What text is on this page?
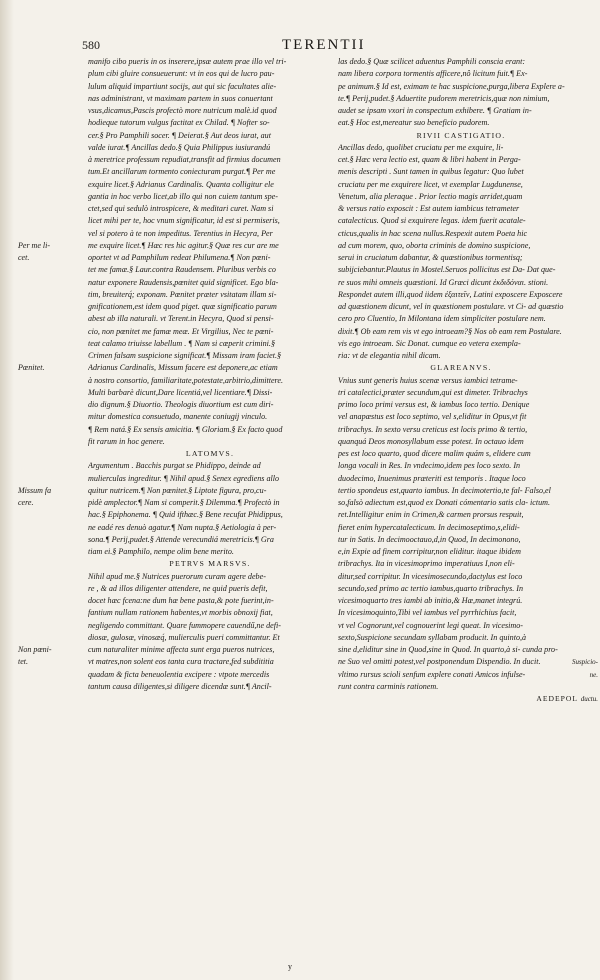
580	TERENTII
Per me li-
cet.
Pœnitet.
Missum fa
cere.
Non pœni-
tet.	Suspicio-
ne.
ductu.
manifo cibo pueris in os inserere,ipsæ autem prae illo vel tri-
plum cibi gluire consueuerunt: vt in eos qui de lucro pau-
lulum aliquid impartiunt socijs, aut qui sic facultates alie-
nas administrant, vt maximam partem in suos conuertant
vsus,dicamus,Pascis profectò more nutricum malè.id quod
hodieque tutorum vulgus factitat ex Chilad. ¶ Nofter so-
cer.§ Pro Pamphili socer. ¶ Deierat.§ Aut deos iurat, aut
valde iurat.¶ Ancillas dedo.§ Quia Philippus iusiurandú
à meretrice professum repudiat,transfit ad firmius documen
tum.Et ancillarum tormento coniecturam purgat.¶ Per me
exquire licet.§ Adrianus Cardinalis. Quanta colligitur ele
gantia in hoc verbo licet,ab illo qui non cuiem tantum spe-
ctet,sed qui sedulò introspicere, & meditari curet. Nam si
licet mihi per te, hoc vnum significatur, id est si permiseris,
vel si potero à te non impeditus. Terentius in Hecyra, Per
me exquire licet.¶ Hæc res hic agitur.§ Quæ res cur are me
oportet vt ad Pamphilum redeat Philumena.¶ Non pœni-
tet me famæ.§ Laur.contra Raudensem. Pluribus verbis co
natur exponere Raudensis,pœnitet quid significet. Ego bla-
tim, breuiterq́; exponam. Pœnitet præter vsitatam illam si-
gnificationem,est idem quod piget. quæ significatio parum
abest ab illa naturali. vt Terent.in Hecyra, Quod si pensi-
cio, non pœnitet me famæ meæ. Et Virgilius, Nec te pœni-
teat calamo triuisse labellum . ¶ Nam si cœperit crimini.§
Crimen falsam suspicione significat.¶ Missam iram faciet.§
Adrianus Cardinalis, Missum facere est deponere,ac etiam
à nostro consortio, familiaritate,potestate,arbitrio,dimittere.
Multi barbarè dicunt,Dare licentiá,vel licentiare.¶ Dissi-
dio dignum.§ Diuortio. Theologis diuortium est cum diri-
mitur domestica consuetudo, manente coniugij vinculo.
¶ Rem natá.§ Ex sensis amicitia. ¶ Gloriam.§ Ex facto quod
fit rarum in hoc genere.
LATOMVS.
Argumentum . Bacchis purgat se Phidippo, deinde ad
mulierculas ingreditur. ¶ Nihil apud.§ Senex egrediens allo
quitur nutricem.¶ Non pœnitet.§ Liptote figura, pro,cu-
pidè amplector.¶ Nam si comperit.§ Dilemma.¶ Profectò in
hac.§ Epiphonema. ¶ Quid ifthæc.§ Bene recufat Phidippus,
ne eadé res denuò agatur.¶ Nam nupta.§ Aetiologia à per-
sona.¶ Perij,pudet.§ Attende verecundiá meretricis.¶ Gra
tiam ei.§ Pamphilo, nempe olim bene merito.
PETRVS MARSVS.
Nihil apud me.§ Nutrices puerorum curam agere debe-
re , & ad illos diligenter attendere, ne quid pueris defit,
docet hæc fcena:ne dum hæ bene pasta,& pote fuerint,in-
fantium nullam rationem habentes,vt morbis obnoxij fiat,
negligendo committant. Quare fummopere cauendű,ne defi-
diosæ, gulosæ, vinosæq́, mulierculis pueri committantur. Et
cum naturaliter minime affecta sunt erga pueros nutrices,
vt matres,non solent eos tanta cura tractare,fed subdititia
quadam & ficta beneuolentia excipere : vtpote mercedis
tantum causa diligentes,si diligere dicendæ sunt.¶ Ancil-
las dedo.§ Quæ scilicet aduentus Pamphili conscia erant:
nam libera corpora tormentis afficere,nô licitum fuit.¶ Ex-
pe animum.§ Id est, eximam te hac suspicione,purga,libera Explere a-
te.¶ Perij,pudet.§ Aduertite pudorem meretricis,quæ non nimium,
audet se ipsam vxori in conspectum exhibere. ¶ Gratiam in-
eat.§ Hoc est,mereatur suo beneficio pudorem.
RIVII CASTIGATIO.
Ancillas dedo, quolibet cruciatu per me exquire, li-
cet.§ Hæc vera lectio est, quam & libri habent in Perga-
menis descripti . Sunt tamen in quibus legatur: Quo lubet
cruciatu per me exquirere licet, vt exemplar Lugdunense,
Venetum, alia pleraque . Prior lectio magis arridet,quam
& versus ratio exposcit : Est autem iambicus tetrameter
catalecticus. Quod si exquirere legas. idem fuerit acatale-
cticus,qualis in hac scena nullus.Respexit autem Poeta hic
ad cum morem, quo, oborta criminis de domino suspicione,
serui in cruciatum dabantur, & quæstionibus tormentisq;
subijciebantur.Plautus in Mostel.Seruos pollicitus est Da- Dat que-
re suos mihi omneis quæstioni. Id Græci dicunt ἐκδιδόναι. stioni.
Respondet autem illi,quod iidem ἐξαιτεῖν, Latini exposcere Exposcere
ad quæstionem dicunt, vel in quæstionem postulare. vt Ci- ad quæstio
cero pro Cluentio, In Milontana idem simpliciter postulare nem.
dixit.¶ Ob eam rem vis vt ego introeam?§ Nos ob eam rem Postulare.
vis ego introeam. Sic Donat. cumque eo vetera exempla-
ria: vt de elegantia nihil dicam.
GLAREANVS.
Vnius sunt generis huius scenæ versus iambici tetrame-
tri catalectici,præter secundum,qui est dimeter. Tribrachys
primo loco primi versus est, & iambus loco tertio. Denique
vel anapæstus est loco septimo, vel s,eliditur in Opus,vt fit
tribrachys. In sexto versu creticus est locis primo & tertio,
quanquá Deos monosyllabum esse potest. In octauo idem
pes est loco quarto, quod dicere malim quám s, elidere cum
longa vocali in Res. In vndecimo,idem pes loco sexto. In
duodecimo, Inuenimus præteriti est temporis . Itaque loco
tertio spondeus est,quarto iambus. In decimotertio,te fal- Falso,el
so,falsò adiectum est,quod ex Donati cómentario satis cla- ictum.
ret.Intelligitur enim in Crimen,& carmen prorsus respuit,
fieret enim hypercatalecticum. In decimoseptimo,s,elidi-
tur in Satis. In decimooctauo,d,in Quod, In decimonono,
e,in Expie ad finem corripitur,non eliditur. itaque ibidem
tribrachys. Ita in vicesimoprimo imperatiuus I,non eli-
ditur,sed corripitur. In vicesimosecundo,dactylus est loco
secundo,sed primo ac tertio iambus,quarto tribrachys. In
vicesimoquarto tres iambi ab initio,& Hæ,manet integrú.
In vicesimoquinto,Tibi vel iambus vel pyrrhichius facit,
vt vel Cognorunt,vel cognouerint legi queat. In vicesimo-
sexto,Suspicione secundam syllabam producit. In quinto,à
sine d,eliditur sine in Quod,sine in Quod. In quarto,à si- cunda pro-
ne Suo vel omitti potest,vel postponendum Dispendio. In ducit.
vltimo rursus scioli senfum explere conati Amicos infulse-
runt contra carminis rationem.
AEDEPOL
y
